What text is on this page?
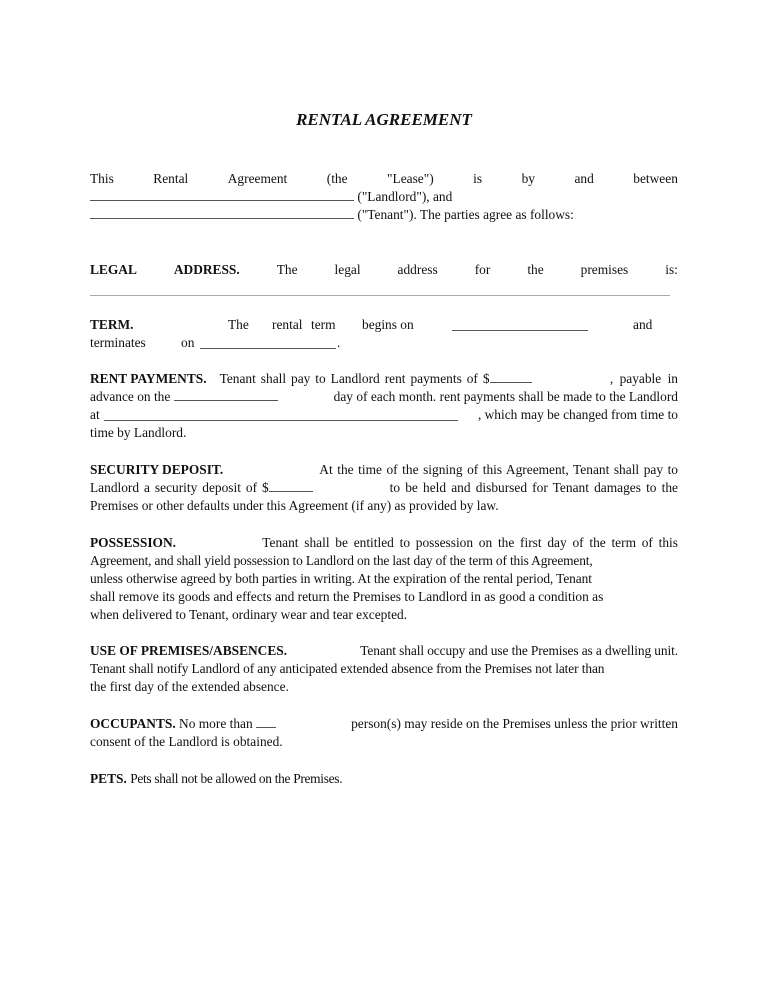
RENTAL AGREEMENT
This	Rental	Agreement	(the	"Lease")	is	by	and	between
("Landlord"), and
("Tenant"). The parties agree as follows:
LEGAL	ADDRESS.	The	legal	address	for	the	premises	is:
TERM.	The rental term begins on	and
terminates	on	.
RENT PAYMENTS. Tenant shall pay to Landlord rent payments of $	, payable in
advance on the	day of each month. rent payments shall be made to the Landlord
at	, which may be changed from time to
time by Landlord.
SECURITY DEPOSIT.	At the time of the signing of this Agreement, Tenant shall pay to
Landlord a security deposit of $	to be held and disbursed for Tenant damages to the
Premises or other defaults under this Agreement (if any) as provided by law.
POSSESSION.	Tenant shall be entitled to possession on the first day of the term of this
Agreement, and shall yield possession to Landlord on the last day of the term of this Agreement,
unless otherwise agreed by both parties in writing. At the expiration of the rental period, Tenant
shall remove its goods and effects and return the Premises to Landlord in as good a condition as
when delivered to Tenant, ordinary wear and tear excepted.
USE OF PREMISES/ABSENCES.	Tenant shall occupy and use the Premises as a dwelling unit.
Tenant shall notify Landlord of any anticipated extended absence from the Premises not later than
the first day of the extended absence.
OCCUPANTS. No more than	person(s) may reside on the Premises unless the prior written
consent of the Landlord is obtained.
PETS. Pets shall not be allowed on the Premises.
